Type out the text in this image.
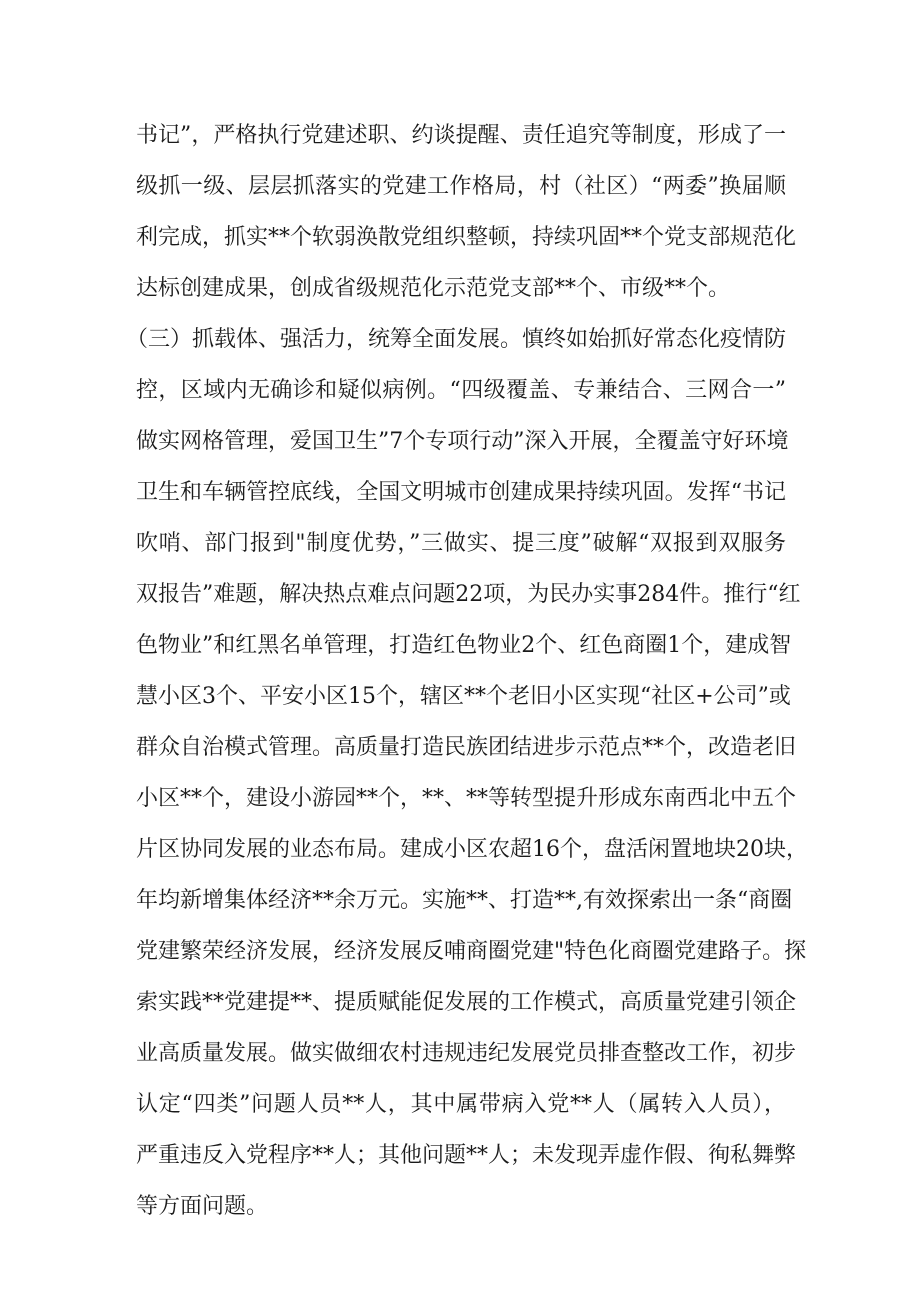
书记”，严格执行党建述职、约谈提醒、责任追究等制度，形成了一
级抓一级、层层抓落实的党建工作格局，村（社区）“两委”换届顺
利完成，抓实**个软弱涣散党组织整顿，持续巩固**个党支部规范化
达标创建成果，创成省级规范化示范党支部**个、市级**个。
（三）抓载体、强活力，统筹全面发展。慎终如始抓好常态化疫情防
控，区域内无确诊和疑似病例。“四级覆盖、专兼结合、三网合一”
做实网格管理，爱国卫生”7个专项行动”深入开展，全覆盖守好环境
卫生和车辆管控底线，全国文明城市创建成果持续巩固。发挥“书记
吹哨、部门报到"制度优势，”三做实、提三度”破解“双报到双服务
双报告”难题，解决热点难点问题22项，为民办实事284件。推行“红
色物业”和红黑名单管理，打造红色物业2个、红色商圈1个，建成智
慧小区3个、平安小区15个，辖区**个老旧小区实现“社区+公司”或
群众自治模式管理。高质量打造民族团结进步示范点**个，改造老旧
小区**个，建设小游园**个，**、**等转型提升形成东南西北中五个
片区协同发展的业态布局。建成小区农超16个，盘活闲置地块20块，
年均新增集体经济**余万元。实施**、打造**,有效探索出一条“商圈
党建繁荣经济发展，经济发展反哺商圈党建"特色化商圈党建路子。探
索实践**党建提**、提质赋能促发展的工作模式，高质量党建引领企
业高质量发展。做实做细农村违规违纪发展党员排查整改工作，初步
认定“四类”问题人员**人，其中属带病入党**人（属转入人员），
严重违反入党程序**人；其他问题**人；未发现弄虚作假、徇私舞弊
等方面问题。
